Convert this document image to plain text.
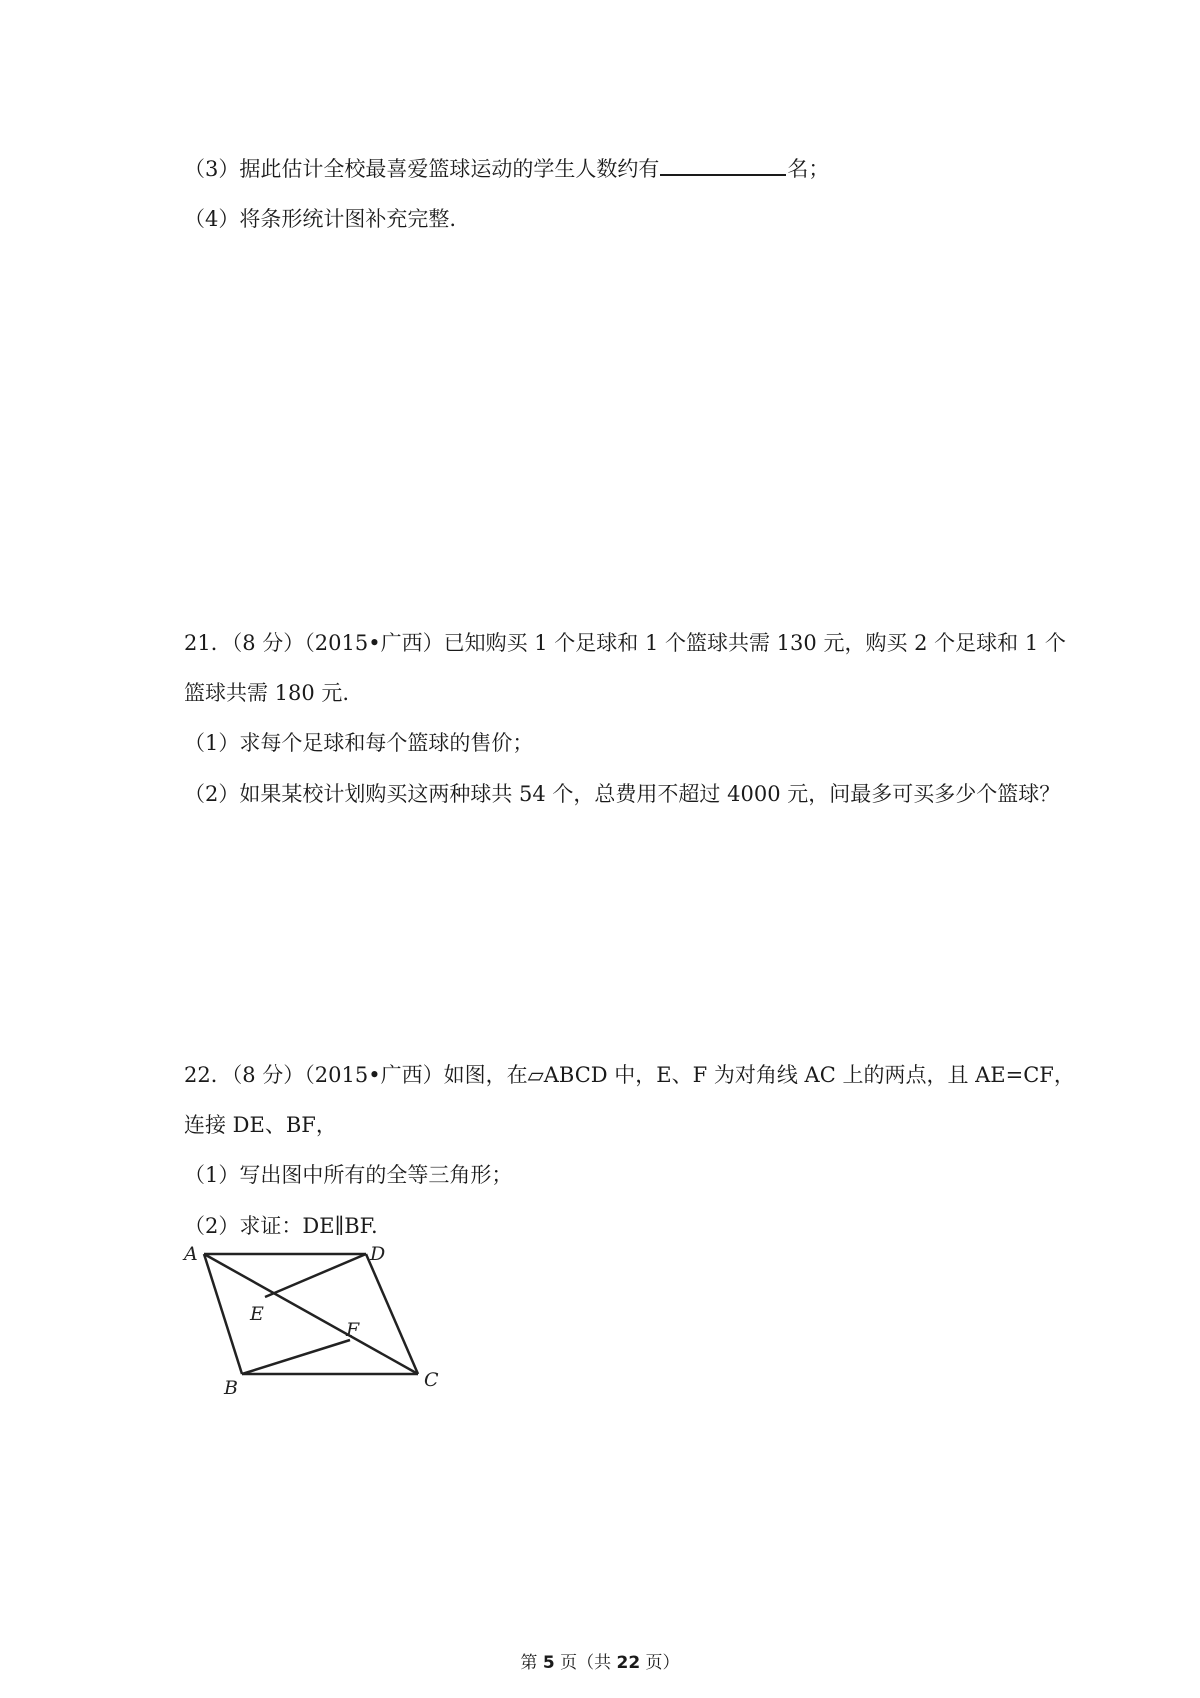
（3）据此估计全校最喜爱篮球运动的学生人数约有	名；
（4）将条形统计图补充完整.
21．（8 分）（2015•广西）已知购买 1 个足球和 1 个篮球共需 130 元，购买 2 个足球和 1 个
篮球共需 180 元.
（1）求每个足球和每个篮球的售价；
（2）如果某校计划购买这两种球共 54 个，总费用不超过 4000 元，问最多可买多少个篮球？
22．（8 分）（2015•广西）如图，在▱ABCD 中，E、F 为对角线 AC 上的两点，且 AE=CF，
连接 DE、BF，
（1）写出图中所有的全等三角形；
（2）求证：DE∥BF.
A	D
E
F
B	C
第 5 页（共 22 页）
